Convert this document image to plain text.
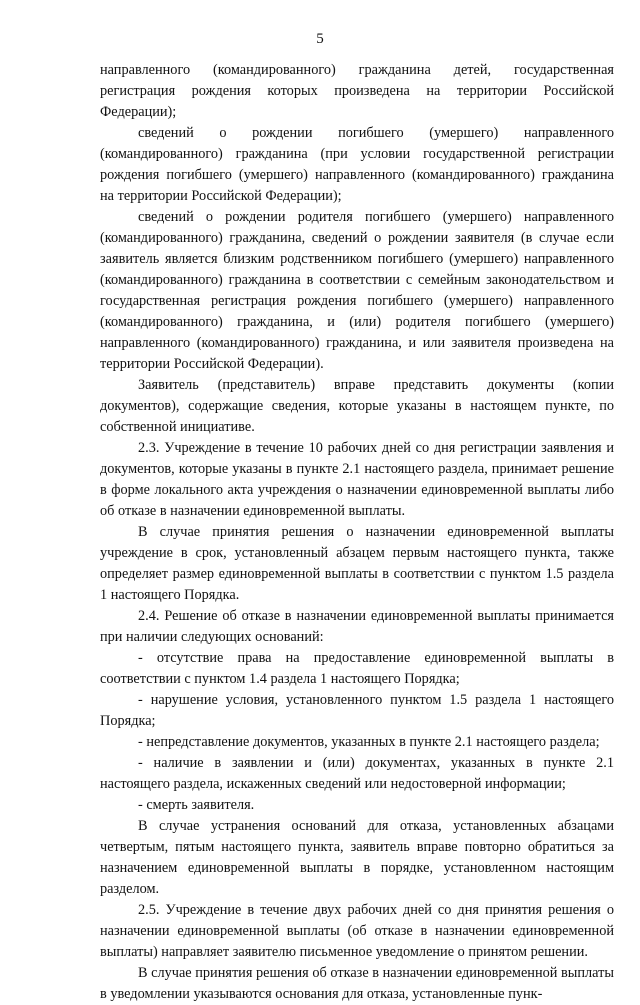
5

направленного (командированного) гражданина детей, государственная регистрация рождения которых произведена на территории Российской Федерации);

сведений о рождении погибшего (умершего) направленного (командированного) гражданина (при условии государственной регистрации рождения погибшего (умершего) направленного (командированного) гражданина на территории Российской Федерации);

сведений о рождении родителя погибшего (умершего) направленного (командированного) гражданина, сведений о рождении заявителя (в случае если заявитель является близким родственником погибшего (умершего) направленного (командированного) гражданина в соответствии с семейным законодательством и государственная регистрация рождения погибшего (умершего) направленного (командированного) гражданина, и (или) родителя погибшего (умершего) направленного (командированного) гражданина, и или заявителя произведена на территории Российской Федерации).

Заявитель (представитель) вправе представить документы (копии документов), содержащие сведения, которые указаны в настоящем пункте, по собственной инициативе.

2.3. Учреждение в течение 10 рабочих дней со дня регистрации заявления и документов, которые указаны в пункте 2.1 настоящего раздела, принимает решение в форме локального акта учреждения о назначении единовременной выплаты либо об отказе в назначении единовременной выплаты.

В случае принятия решения о назначении единовременной выплаты учреждение в срок, установленный абзацем первым настоящего пункта, также определяет размер единовременной выплаты в соответствии с пунктом 1.5 раздела 1 настоящего Порядка.

2.4. Решение об отказе в назначении единовременной выплаты принимается при наличии следующих оснований:

- отсутствие права на предоставление единовременной выплаты в соответствии с пунктом 1.4 раздела 1 настоящего Порядка;

- нарушение условия, установленного пунктом 1.5 раздела 1 настоящего Порядка;

- непредставление документов, указанных в пункте 2.1 настоящего раздела;

- наличие в заявлении и (или) документах, указанных в пункте 2.1 настоящего раздела, искаженных сведений или недостоверной информации;

- смерть заявителя.

В случае устранения оснований для отказа, установленных абзацами четвертым, пятым настоящего пункта, заявитель вправе повторно обратиться за назначением единовременной выплаты в порядке, установленном настоящим разделом.

2.5. Учреждение в течение двух рабочих дней со дня принятия решения о назначении единовременной выплаты (об отказе в назначении единовременной выплаты) направляет заявителю письменное уведомление о принятом решении.

В случае принятия решения об отказе в назначении единовременной выплаты в уведомлении указываются основания для отказа, установленные пунк-
